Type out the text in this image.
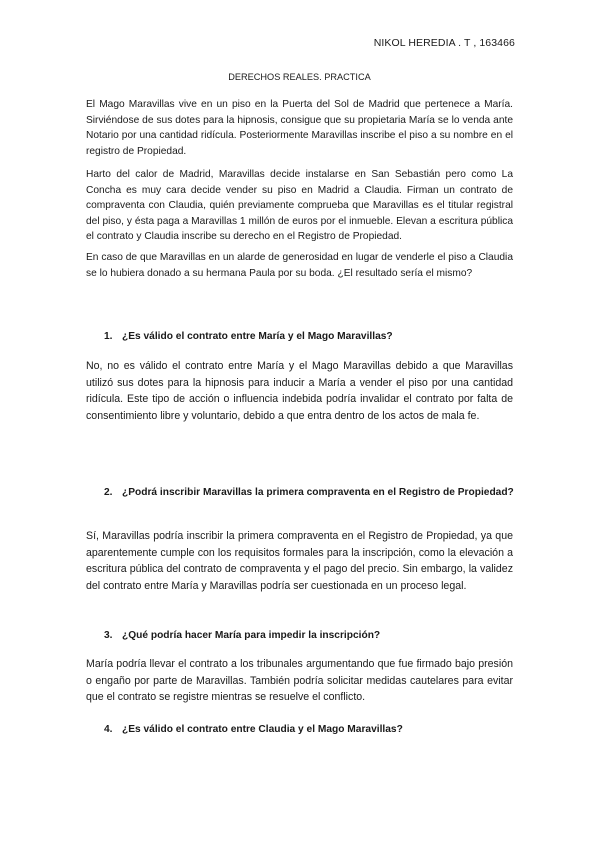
NIKOL HEREDIA . T , 163466
DERECHOS REALES. PRACTICA

El Mago Maravillas vive en un piso en la Puerta del Sol de Madrid que pertenece a María. Sirviéndose de sus dotes para la hipnosis, consigue que su propietaria María se lo venda ante Notario por una cantidad ridícula. Posteriormente Maravillas inscribe el piso a su nombre en el registro de Propiedad.

Harto del calor de Madrid, Maravillas decide instalarse en San Sebastián pero como La Concha es muy cara decide vender su piso en Madrid a Claudia. Firman un contrato de compraventa con Claudia, quién previamente comprueba que Maravillas es el titular registral del piso, y ésta paga a Maravillas 1 millón de euros por el inmueble. Elevan a escritura pública el contrato y Claudia inscribe su derecho en el Registro de Propiedad.

En caso de que Maravillas en un alarde de generosidad en lugar de venderle el piso a Claudia se lo hubiera donado a su hermana Paula por su boda. ¿El resultado sería el mismo?

1. ¿Es válido el contrato entre María y el Mago Maravillas?

No, no es válido el contrato entre María y el Mago Maravillas debido a que Maravillas utilizó sus dotes para la hipnosis para inducir a María a vender el piso por una cantidad ridícula. Este tipo de acción o influencia indebida podría invalidar el contrato por falta de consentimiento libre y voluntario, debido a que entra dentro de los actos de mala fe.

2. ¿Podrá inscribir Maravillas la primera compraventa en el Registro de Propiedad?

Sí, Maravillas podría inscribir la primera compraventa en el Registro de Propiedad, ya que aparentemente cumple con los requisitos formales para la inscripción, como la elevación a escritura pública del contrato de compraventa y el pago del precio. Sin embargo, la validez del contrato entre María y Maravillas podría ser cuestionada en un proceso legal.

3. ¿Qué podría hacer María para impedir la inscripción?

María podría llevar el contrato a los tribunales argumentando que fue firmado bajo presión o engaño por parte de Maravillas. También podría solicitar medidas cautelares para evitar que el contrato se registre mientras se resuelve el conflicto.

4. ¿Es válido el contrato entre Claudia y el Mago Maravillas?
